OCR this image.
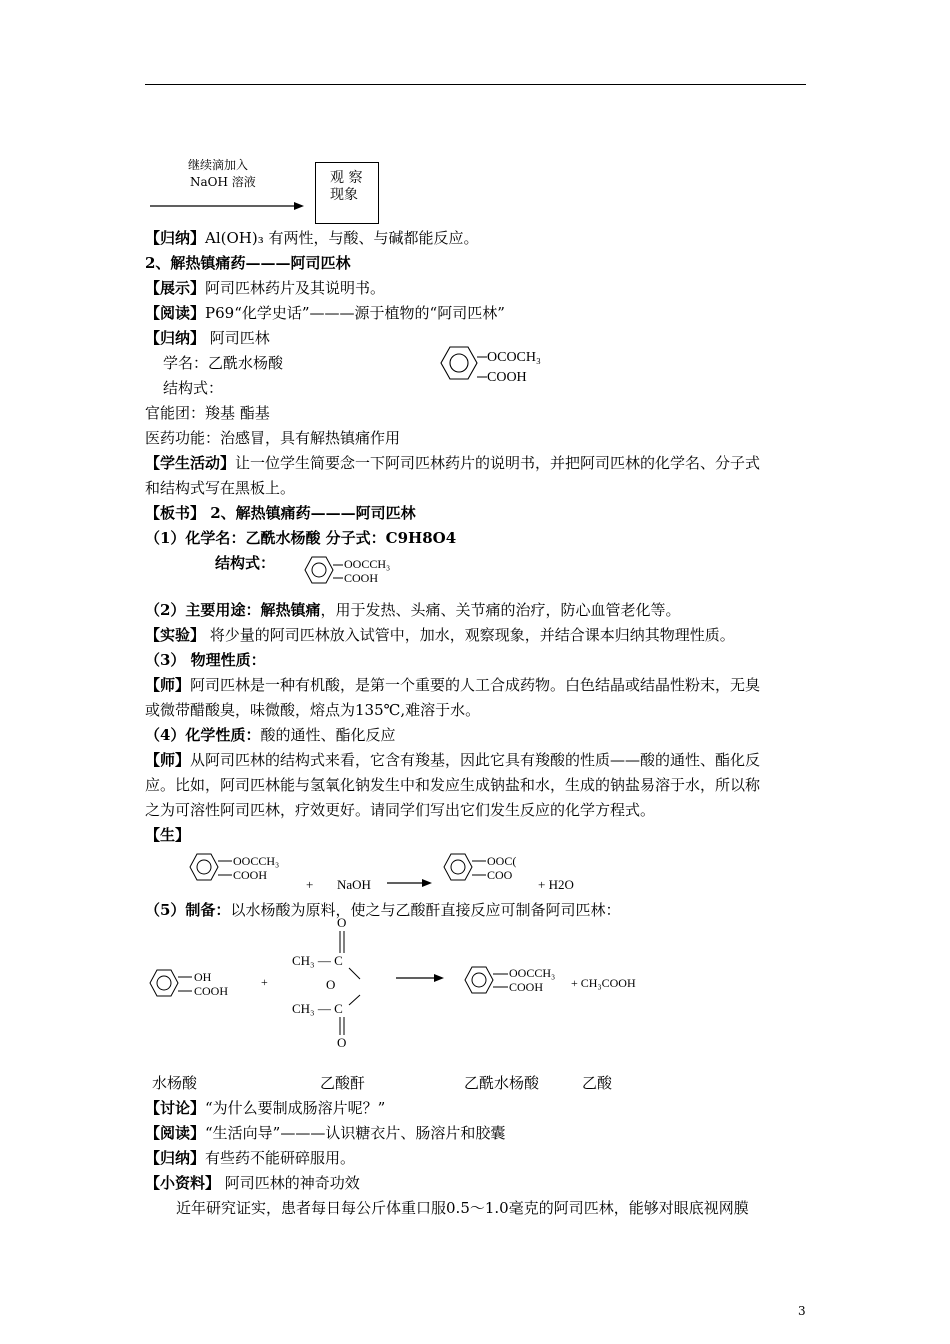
继续滴加入
NaOH 溶液	观 察
现象
【归纳】Al(OH)₃ 有两性，与酸、与碱都能反应。
2、解热镇痛药———阿司匹林
【展示】阿司匹林药片及其说明书。
【阅读】P69“化学史话”———源于植物的“阿司匹林”
【归纳】 阿司匹林
学名：乙酰水杨酸
结构式：
OCOCH₃
COOH
官能团：羧基 酯基
医药功能：治感冒，具有解热镇痛作用
【学生活动】让一位学生简要念一下阿司匹林药片的说明书，并把阿司匹林的化学名、分子式
和结构式写在黑板上。
【板书】 2、解热镇痛药———阿司匹林
（1）化学名：乙酰水杨酸 分子式：C9H8O4
结构式：	OOCCH₃
COOH
（2）主要用途：解热镇痛，用于发热、头痛、关节痛的治疗，防心血管老化等。
【实验】 将少量的阿司匹林放入试管中，加水，观察现象，并结合课本归纳其物理性质。
（3） 物理性质：
【师】阿司匹林是一种有机酸，是第一个重要的人工合成药物。白色结晶或结晶性粉末，无臭
或微带醋酸臭，味微酸，熔点为135℃,难溶于水。
（4）化学性质：酸的通性、酯化反应
【师】从阿司匹林的结构式来看，它含有羧基，因此它具有羧酸的性质——酸的通性、酯化反
应。比如，阿司匹林能与氢氧化钠发生中和发应生成钠盐和水，生成的钠盐易溶于水，所以称
之为可溶性阿司匹林，疗效更好。请同学们写出它们发生反应的化学方程式。
【生】
OOCCH₃
COOH
+ NaOH
OOC(
COO
+ H2O
（5）制备：以水杨酸为原料，使之与乙酸酐直接反应可制备阿司匹林：
OH
COOH
+
O
CH₃ — C
O
CH₃ — C
O
OOCCH₃
COOH + CH₃COOH
水杨酸	乙酸酐	乙酰水杨酸	乙酸
【讨论】“为什么要制成肠溶片呢？”
【阅读】“生活向导”———认识糖衣片、肠溶片和胶囊
【归纳】有些药不能研碎服用。
【小资料】 阿司匹林的神奇功效
近年研究证实，患者每日每公斤体重口服0.5～1.0毫克的阿司匹林，能够对眼底视网膜
3
